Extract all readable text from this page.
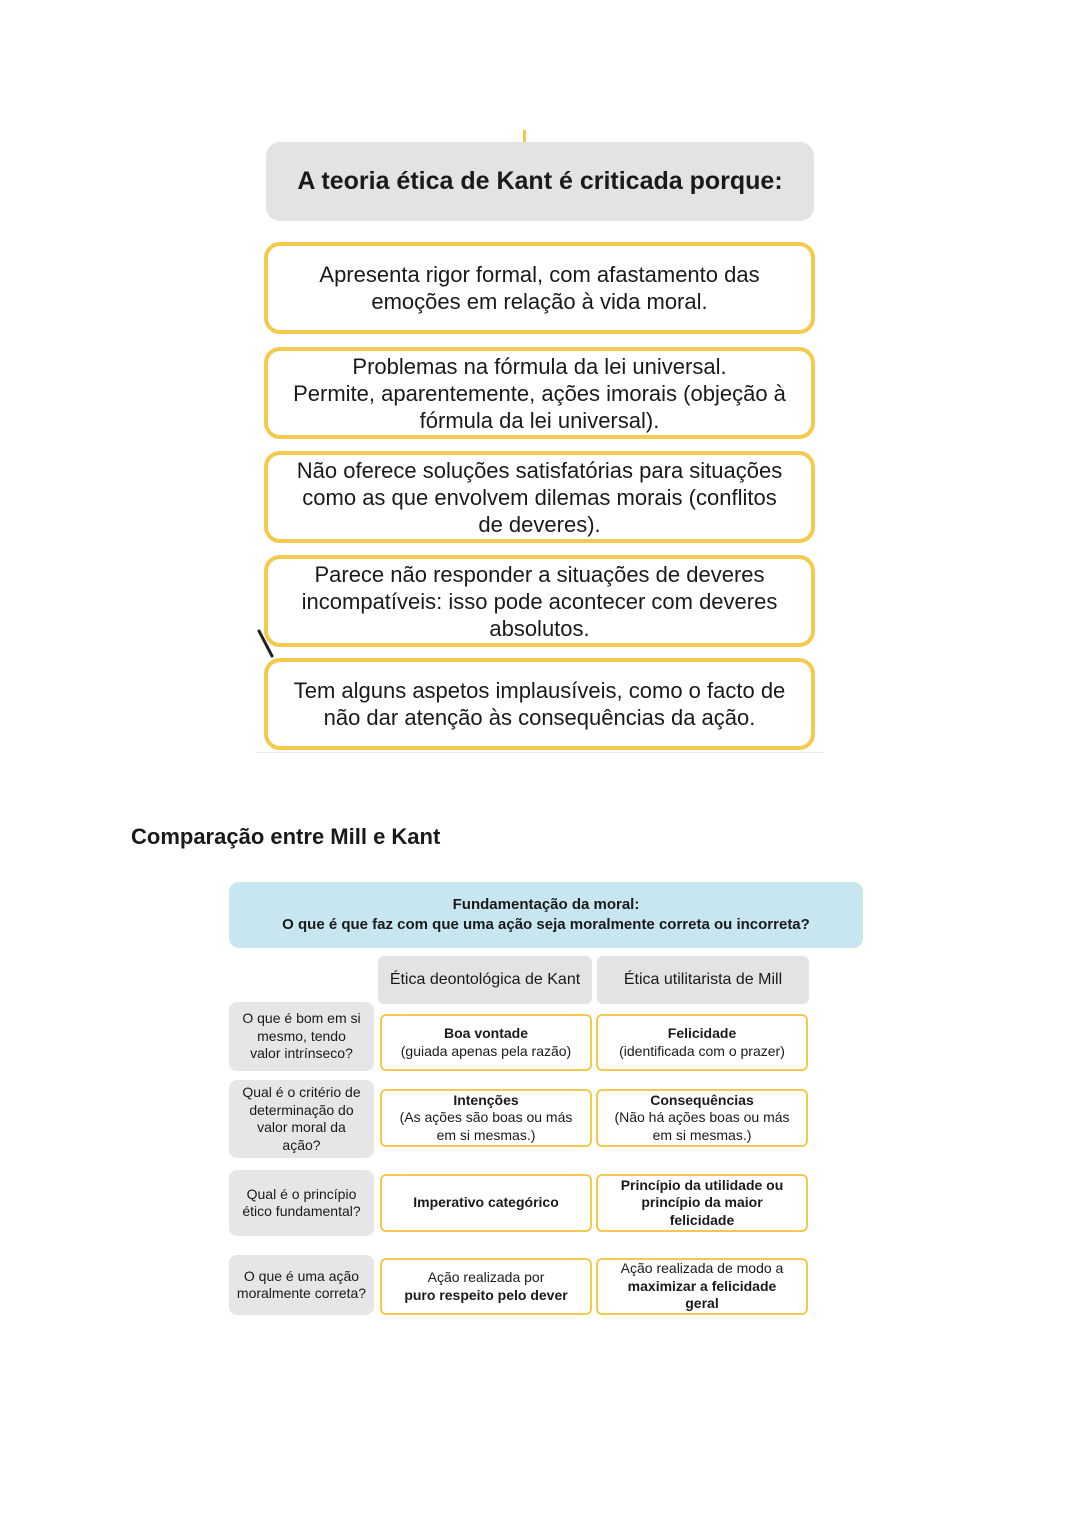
A teoria ética de Kant é criticada porque:
Apresenta rigor formal, com afastamento das
emoções em relação à vida moral.
Problemas na fórmula da lei universal.
Permite, aparentemente, ações imorais (objeção à
fórmula da lei universal).
Não oferece soluções satisfatórias para situações
como as que envolvem dilemas morais (conflitos
de deveres).
Parece não responder a situações de deveres
incompatíveis: isso pode acontecer com deveres
absolutos.
Tem alguns aspetos implausíveis, como o facto de
não dar atenção às consequências da ação.
Comparação entre Mill e Kant
Fundamentação da moral:
O que é que faz com que uma ação seja moralmente correta ou incorreta?
Ética deontológica de Kant	Ética utilitarista de Mill
O que é bom em si
mesmo, tendo
valor intrínseco?
Boa vontade
(guiada apenas pela razão)
Felicidade
(identificada com o prazer)
Qual é o critério de
determinação do
valor moral da
ação?
Intenções
(As ações são boas ou más
em si mesmas.)
Consequências
(Não há ações boas ou más
em si mesmas.)
Qual é o princípio
ético fundamental?
Imperativo categórico
Princípio da utilidade ou
princípio da maior
felicidade
O que é uma ação
moralmente correta?
Ação realizada por
puro respeito pelo dever
Ação realizada de modo a
maximizar a felicidade
geral
